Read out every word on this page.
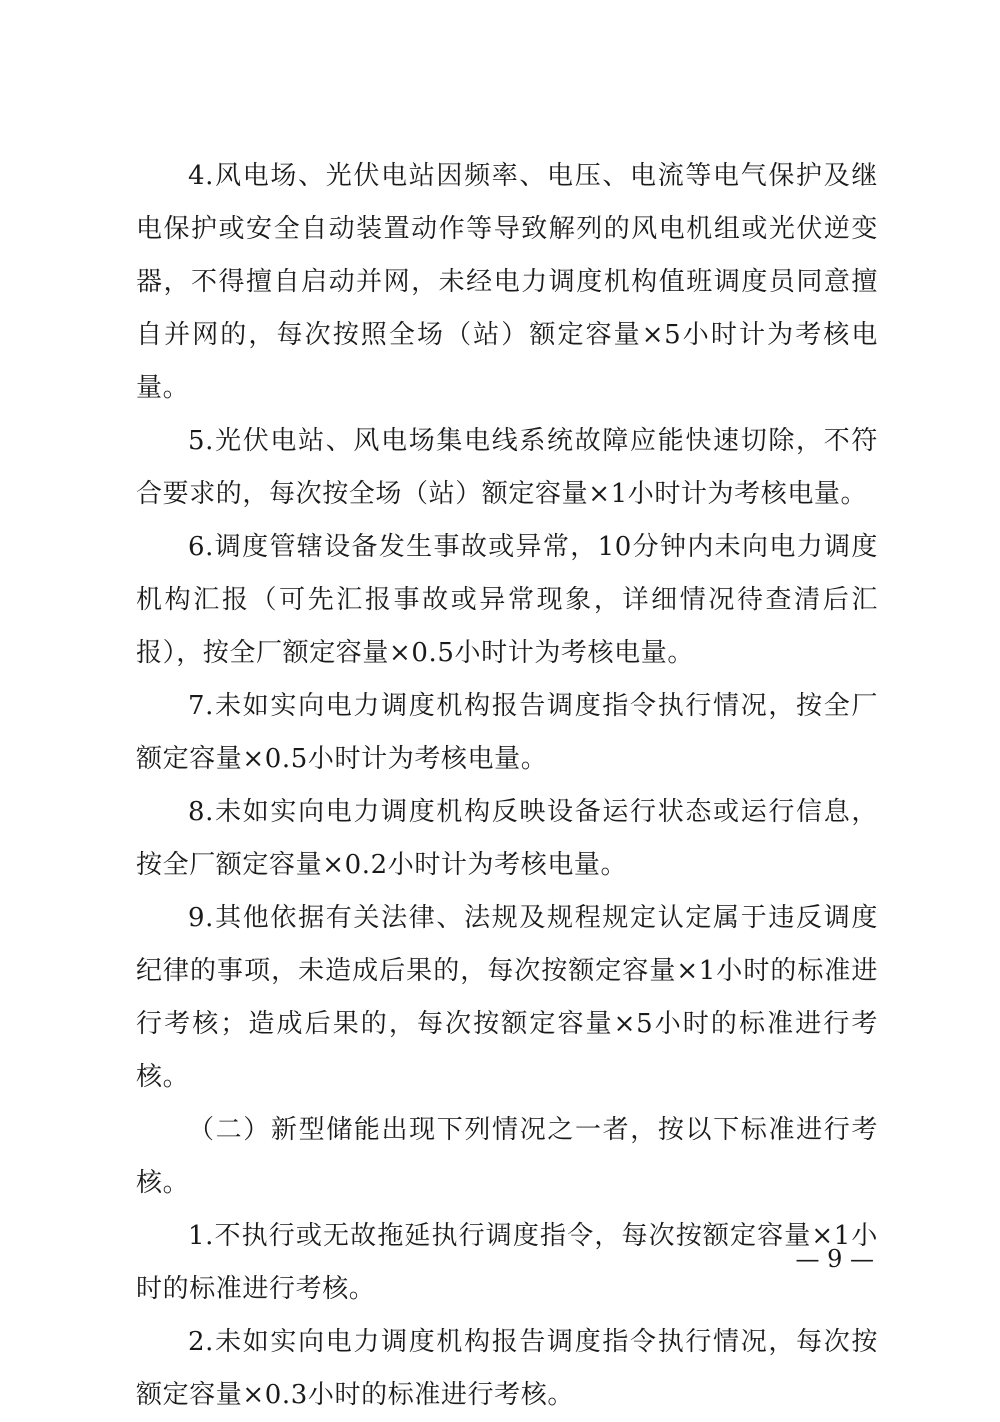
4.风电场、光伏电站因频率、电压、电流等电气保护及继电保护或安全自动装置动作等导致解列的风电机组或光伏逆变器，不得擅自启动并网，未经电力调度机构值班调度员同意擅自并网的，每次按照全场（站）额定容量×5小时计为考核电量。

5.光伏电站、风电场集电线系统故障应能快速切除，不符合要求的，每次按全场（站）额定容量×1小时计为考核电量。

6.调度管辖设备发生事故或异常，10分钟内未向电力调度机构汇报（可先汇报事故或异常现象，详细情况待查清后汇报），按全厂额定容量×0.5小时计为考核电量。

7.未如实向电力调度机构报告调度指令执行情况，按全厂额定容量×0.5小时计为考核电量。

8.未如实向电力调度机构反映设备运行状态或运行信息，按全厂额定容量×0.2小时计为考核电量。

9.其他依据有关法律、法规及规程规定认定属于违反调度纪律的事项，未造成后果的，每次按额定容量×1小时的标准进行考核；造成后果的，每次按额定容量×5小时的标准进行考核。

（二）新型储能出现下列情况之一者，按以下标准进行考核。

1.不执行或无故拖延执行调度指令，每次按额定容量×1小时的标准进行考核。

2.未如实向电力调度机构报告调度指令执行情况，每次按额定容量×0.3小时的标准进行考核。

— 9 —
